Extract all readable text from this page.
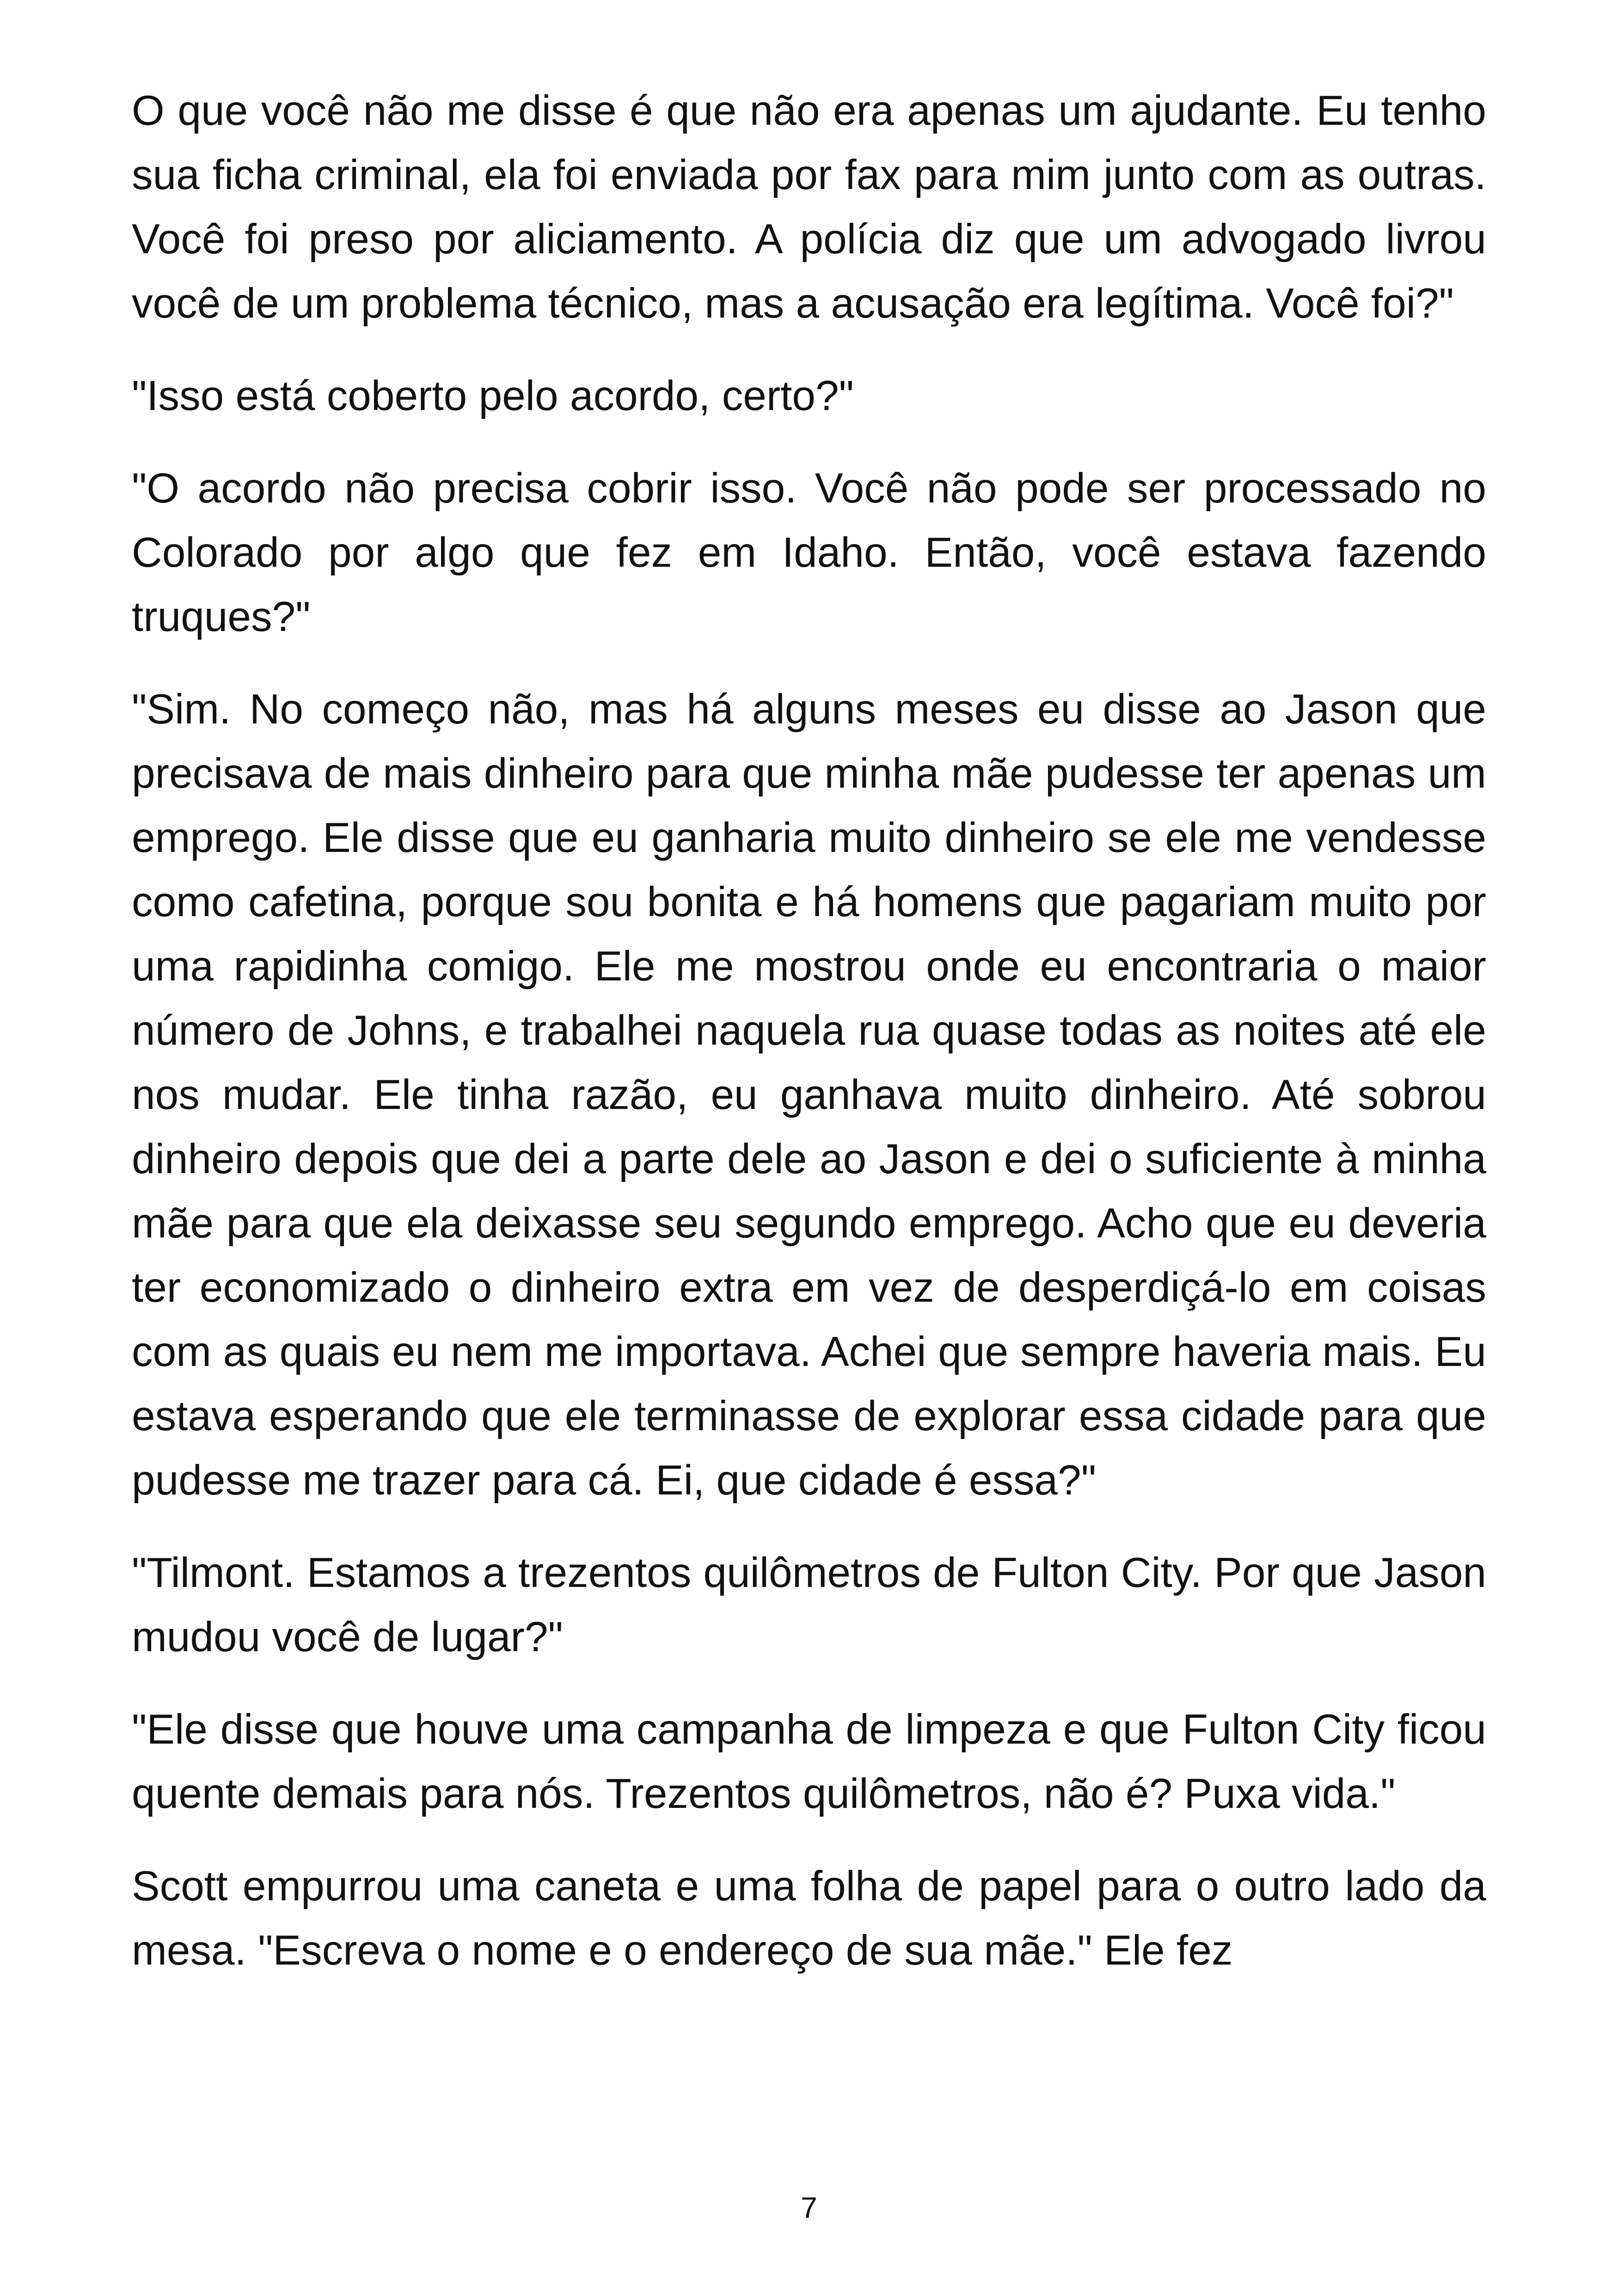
O que você não me disse é que não era apenas um ajudante. Eu tenho sua ficha criminal, ela foi enviada por fax para mim junto com as outras. Você foi preso por aliciamento. A polícia diz que um advogado livrou você de um problema técnico, mas a acusação era legítima. Você foi?"

"Isso está coberto pelo acordo, certo?"

"O acordo não precisa cobrir isso. Você não pode ser processado no Colorado por algo que fez em Idaho. Então, você estava fazendo truques?"

"Sim. No começo não, mas há alguns meses eu disse ao Jason que precisava de mais dinheiro para que minha mãe pudesse ter apenas um emprego. Ele disse que eu ganharia muito dinheiro se ele me vendesse como cafetina, porque sou bonita e há homens que pagariam muito por uma rapidinha comigo. Ele me mostrou onde eu encontraria o maior número de Johns, e trabalhei naquela rua quase todas as noites até ele nos mudar. Ele tinha razão, eu ganhava muito dinheiro. Até sobrou dinheiro depois que dei a parte dele ao Jason e dei o suficiente à minha mãe para que ela deixasse seu segundo emprego. Acho que eu deveria ter economizado o dinheiro extra em vez de desperdiçá-lo em coisas com as quais eu nem me importava. Achei que sempre haveria mais. Eu estava esperando que ele terminasse de explorar essa cidade para que pudesse me trazer para cá. Ei, que cidade é essa?"

"Tilmont. Estamos a trezentos quilômetros de Fulton City. Por que Jason mudou você de lugar?"

"Ele disse que houve uma campanha de limpeza e que Fulton City ficou quente demais para nós. Trezentos quilômetros, não é? Puxa vida."

Scott empurrou uma caneta e uma folha de papel para o outro lado da mesa. "Escreva o nome e o endereço de sua mãe." Ele fez

7
